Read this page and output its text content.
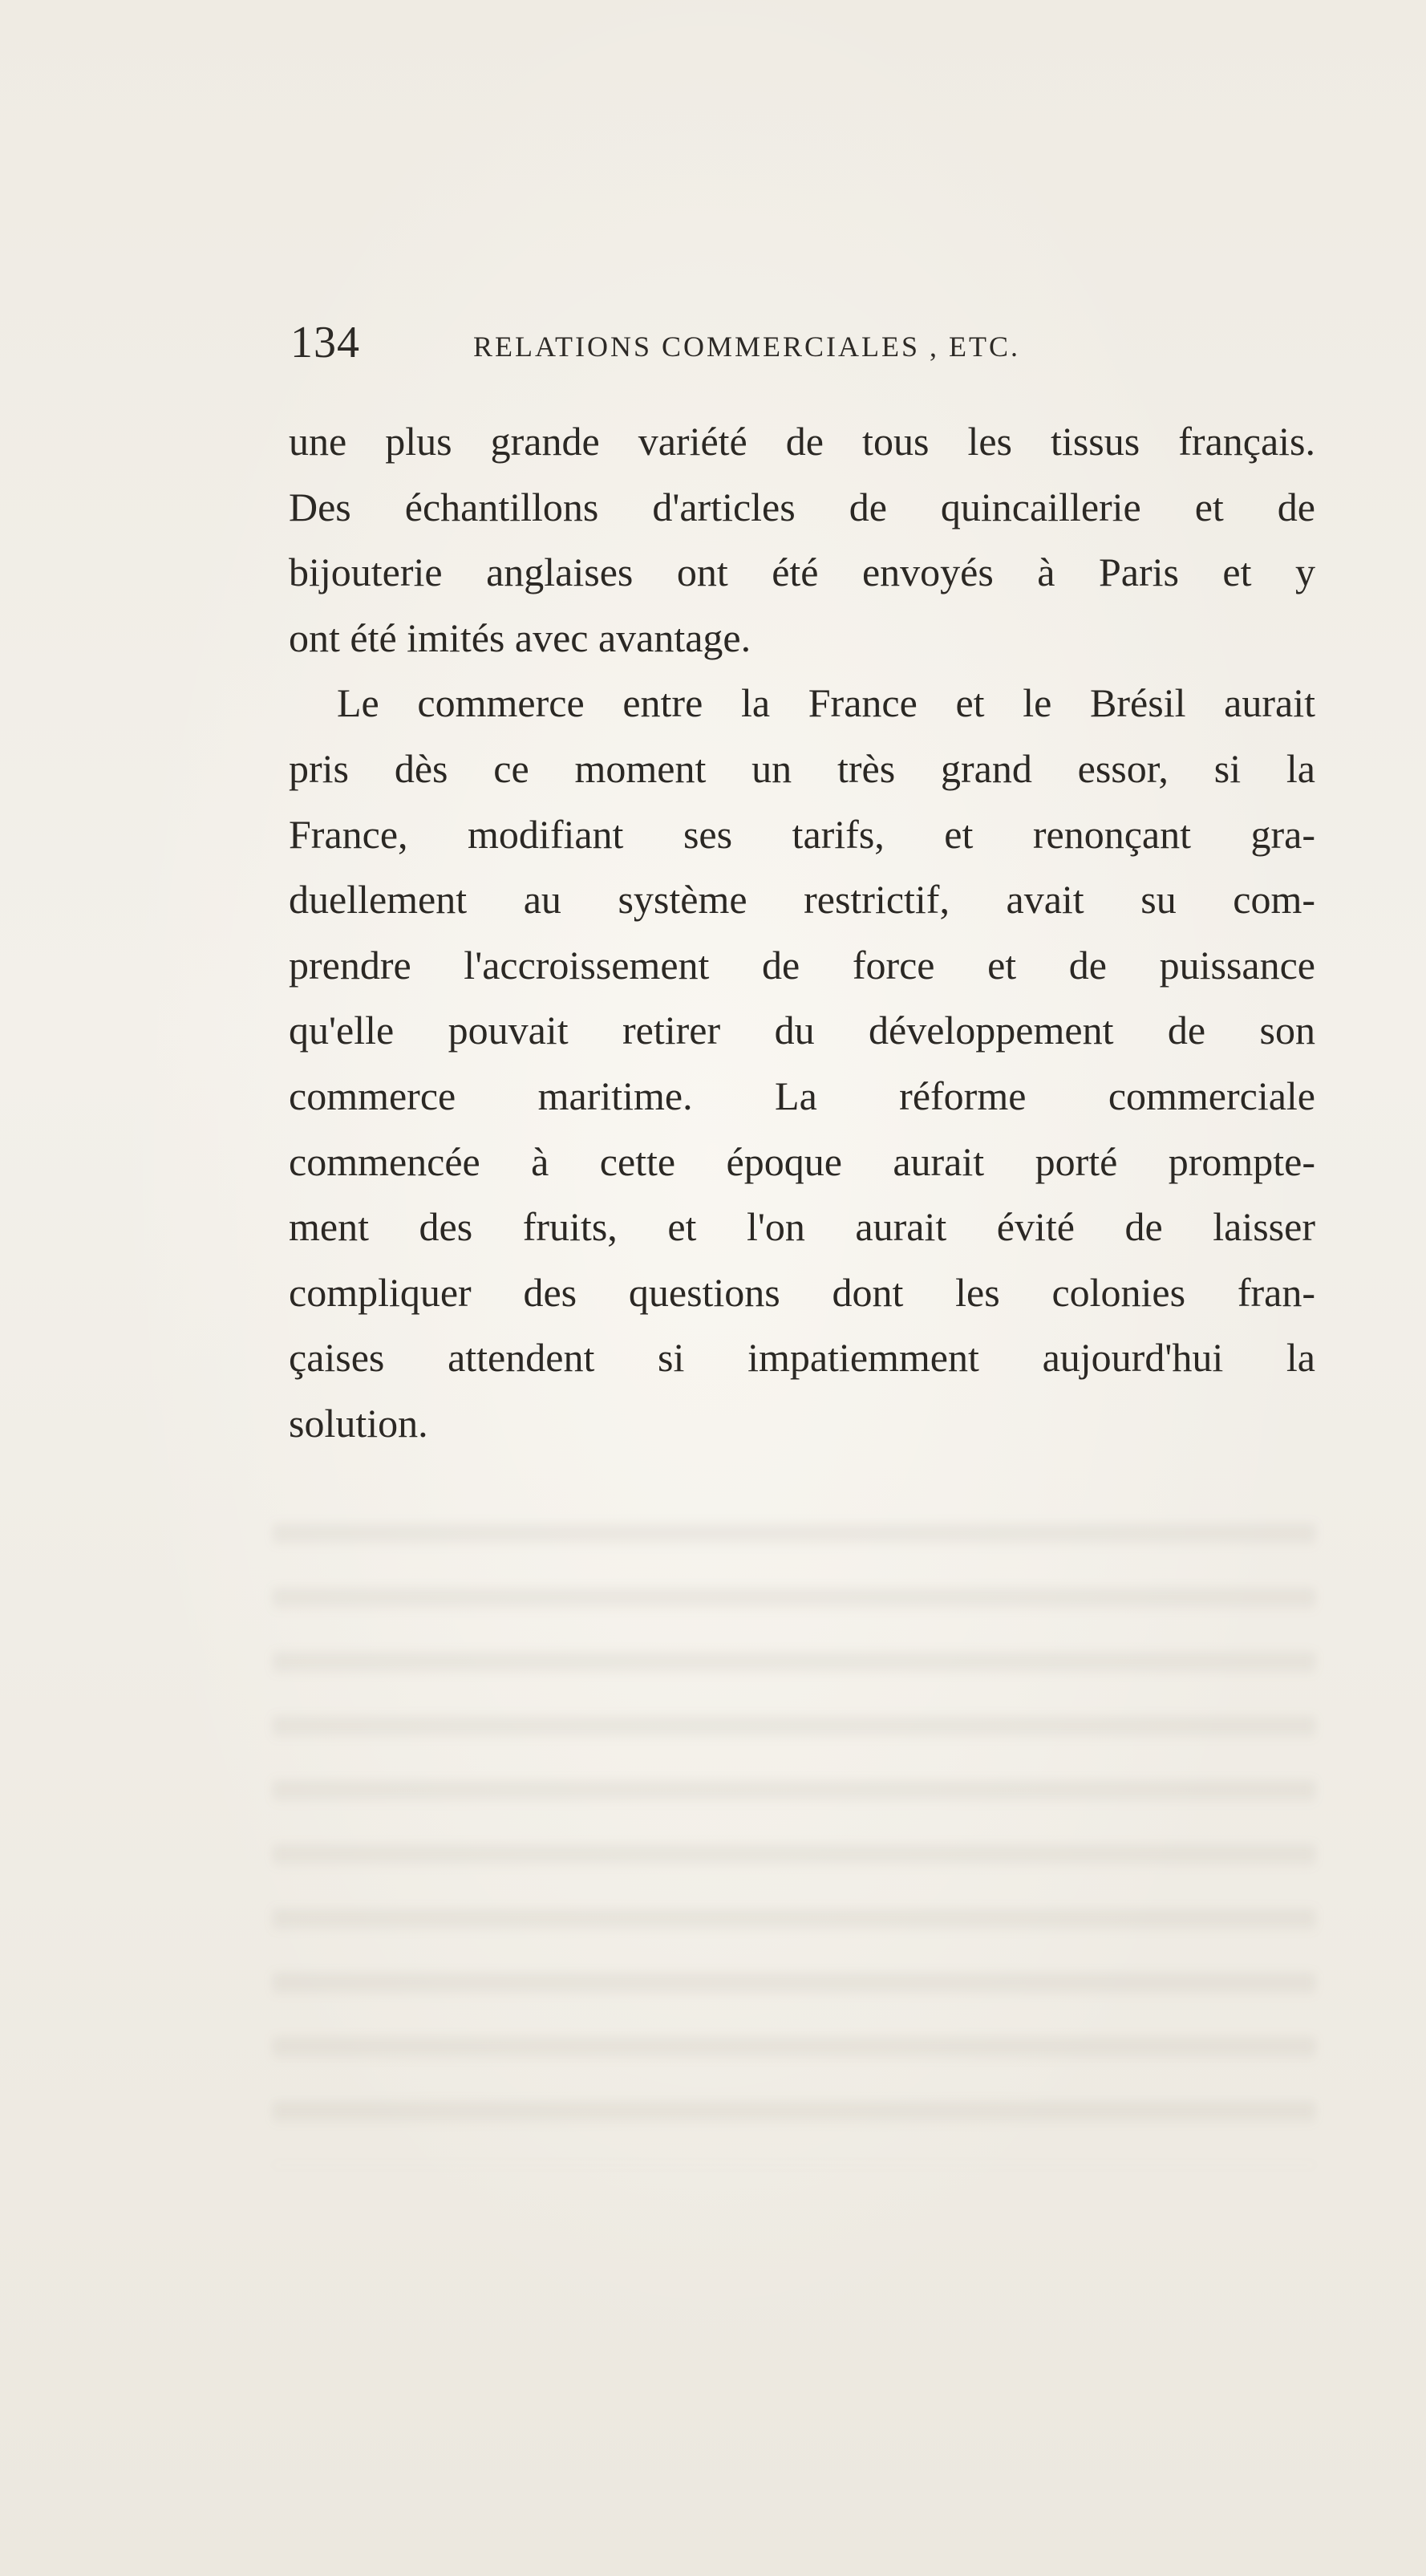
134	RELATIONS COMMERCIALES , ETC.
une plus grande variété de tous les tissus français.
Des échantillons d'articles de quincaillerie et de
bijouterie anglaises ont été envoyés à Paris et y
ont été imités avec avantage.
Le commerce entre la France et le Brésil aurait
pris dès ce moment un très grand essor, si la
France, modifiant ses tarifs, et renonçant gra-
duellement au système restrictif, avait su com-
prendre l'accroissement de force et de puissance
qu'elle pouvait retirer du développement de son
commerce maritime. La réforme commerciale
commencée à cette époque aurait porté prompte-
ment des fruits, et l'on aurait évité de laisser
compliquer des questions dont les colonies fran-
çaises attendent si impatiemment aujourd'hui la
solution.
